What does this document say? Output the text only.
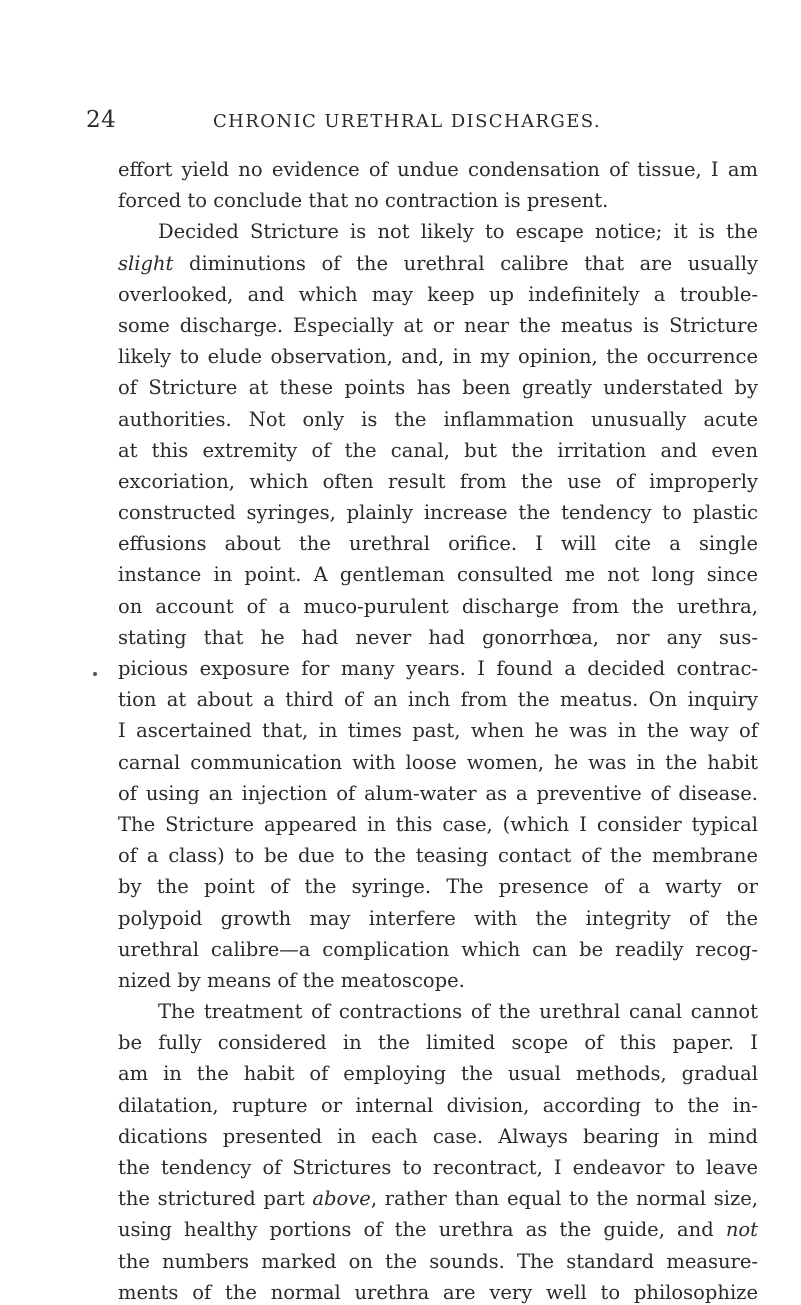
24	CHRONIC URETHRAL DISCHARGES.
effort yield no evidence of undue condensation of tissue, I am
forced to conclude that no contraction is present.
Decided Stricture is not likely to escape notice; it is the
slight diminutions of the urethral calibre that are usually
overlooked, and which may keep up indefinitely a trouble-
some discharge. Especially at or near the meatus is Stricture
likely to elude observation, and, in my opinion, the occurrence
of Stricture at these points has been greatly understated by
authorities. Not only is the inflammation unusually acute
at this extremity of the canal, but the irritation and even
excoriation, which often result from the use of improperly
constructed syringes, plainly increase the tendency to plastic
effusions about the urethral orifice. I will cite a single
instance in point. A gentleman consulted me not long since
on account of a muco-purulent discharge from the urethra,
stating that he had never had gonorrhœa, nor any sus-
picious exposure for many years. I found a decided contrac-
tion at about a third of an inch from the meatus. On inquiry
I ascertained that, in times past, when he was in the way of
carnal communication with loose women, he was in the habit
of using an injection of alum-water as a preventive of disease.
The Stricture appeared in this case, (which I consider typical
of a class) to be due to the teasing contact of the membrane
by the point of the syringe. The presence of a warty or
polypoid growth may interfere with the integrity of the
urethral calibre—a complication which can be readily recog-
nized by means of the meatoscope.
The treatment of contractions of the urethral canal cannot
be fully considered in the limited scope of this paper. I
am in the habit of employing the usual methods, gradual
dilatation, rupture or internal division, according to the in-
dications presented in each case. Always bearing in mind
the tendency of Strictures to recontract, I endeavor to leave
the strictured part above, rather than equal to the normal size,
using healthy portions of the urethra as the guide, and not
the numbers marked on the sounds. The standard measure-
ments of the normal urethra are very well to philosophize
